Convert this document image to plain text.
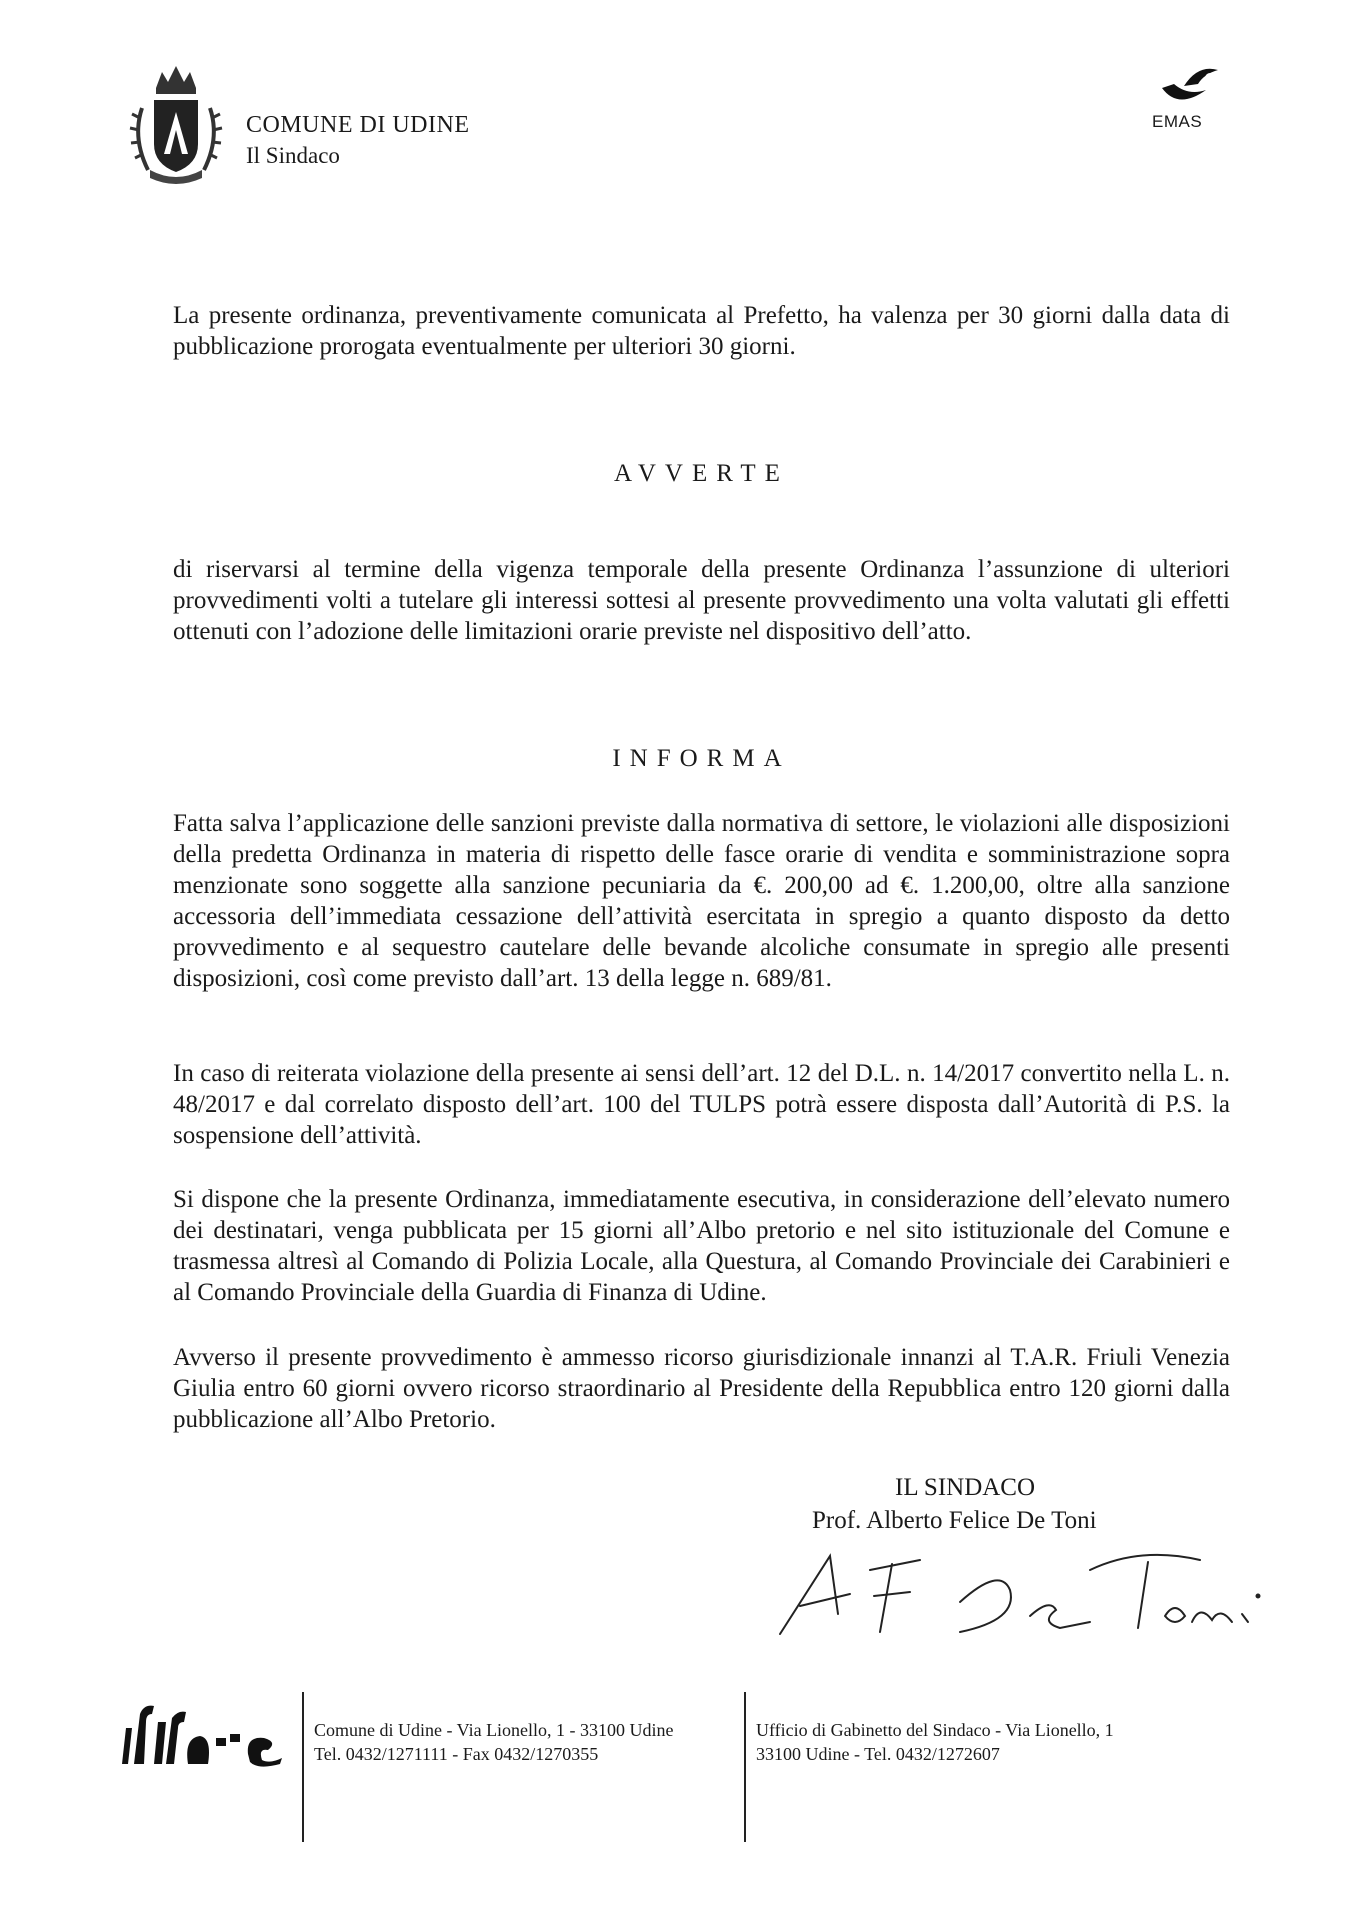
COMUNE DI UDINE
Il Sindaco
EMAS
La presente ordinanza, preventivamente comunicata al Prefetto, ha valenza per 30 giorni dalla data di pubblicazione prorogata eventualmente per ulteriori 30 giorni.
AVVERTE
di riservarsi al termine della vigenza temporale della presente Ordinanza l’assunzione di ulteriori provvedimenti volti a tutelare gli interessi sottesi al presente provvedimento una volta valutati gli effetti ottenuti con l’adozione delle limitazioni orarie previste nel dispositivo dell’atto.
INFORMA
Fatta salva l’applicazione delle sanzioni previste dalla normativa di settore, le violazioni alle disposizioni della predetta Ordinanza in materia di rispetto delle fasce orarie di vendita e somministrazione sopra menzionate sono soggette alla sanzione pecuniaria da €. 200,00 ad €. 1.200,00, oltre alla sanzione accessoria dell’immediata cessazione dell’attività esercitata in spregio a quanto disposto da detto provvedimento e al sequestro cautelare delle bevande alcoliche consumate in spregio alle presenti disposizioni, così come previsto dall’art. 13 della legge n. 689/81.
In caso di reiterata violazione della presente ai sensi dell’art. 12 del D.L. n. 14/2017 convertito nella L. n. 48/2017 e dal correlato disposto dell’art. 100 del TULPS potrà essere disposta dall’Autorità di P.S. la sospensione dell’attività.
Si dispone che la presente Ordinanza, immediatamente esecutiva, in considerazione dell’elevato numero dei destinatari, venga pubblicata per 15 giorni all’Albo pretorio e nel sito istituzionale del Comune e trasmessa altresì al Comando di Polizia Locale, alla Questura, al Comando Provinciale dei Carabinieri e al Comando Provinciale della Guardia di Finanza di Udine.
Avverso il presente provvedimento è ammesso ricorso giurisdizionale innanzi al T.A.R. Friuli Venezia Giulia entro 60 giorni ovvero ricorso straordinario al Presidente della Repubblica entro 120 giorni dalla pubblicazione all’Albo Pretorio.
IL SINDACO
Prof. Alberto Felice De Toni
Comune di Udine - Via Lionello, 1 - 33100 Udine
Tel. 0432/1271111 - Fax 0432/1270355
Ufficio di Gabinetto del Sindaco - Via Lionello, 1
33100 Udine - Tel. 0432/1272607
